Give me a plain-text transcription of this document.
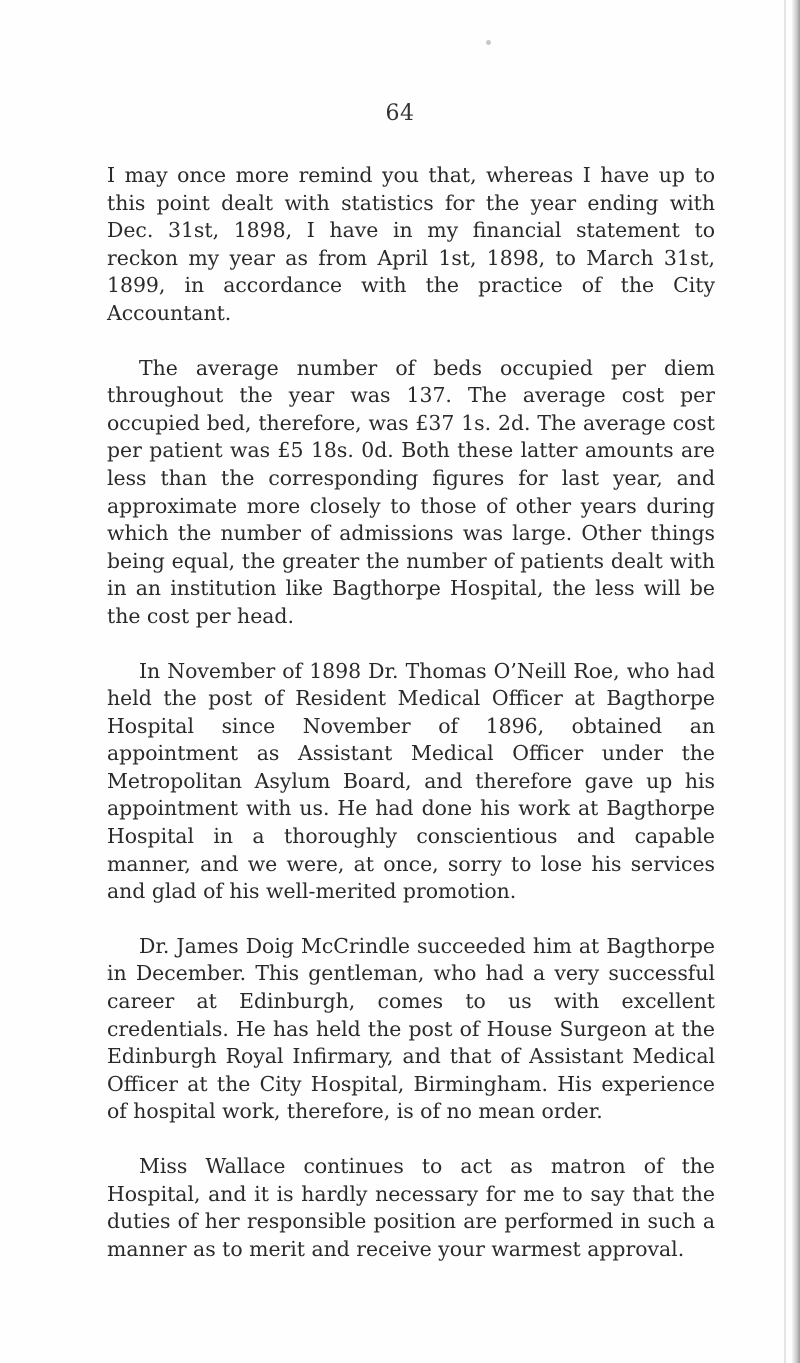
64

I may once more remind you that, whereas I have up to this point dealt with statistics for the year ending with Dec. 31st, 1898, I have in my financial statement to reckon my year as from April 1st, 1898, to March 31st, 1899, in accordance with the practice of the City Accountant.

The average number of beds occupied per diem throughout the year was 137. The average cost per occupied bed, therefore, was £37 1s. 2d. The average cost per patient was £5 18s. 0d. Both these latter amounts are less than the corresponding figures for last year, and approximate more closely to those of other years during which the number of admissions was large. Other things being equal, the greater the number of patients dealt with in an institution like Bagthorpe Hospital, the less will be the cost per head.

In November of 1898 Dr. Thomas O’Neill Roe, who had held the post of Resident Medical Officer at Bagthorpe Hospital since November of 1896, obtained an appointment as Assistant Medical Officer under the Metropolitan Asylum Board, and therefore gave up his appointment with us. He had done his work at Bagthorpe Hospital in a thoroughly conscientious and capable manner, and we were, at once, sorry to lose his services and glad of his well-merited promotion.

Dr. James Doig McCrindle succeeded him at Bagthorpe in December. This gentleman, who had a very successful career at Edinburgh, comes to us with excellent credentials. He has held the post of House Surgeon at the Edinburgh Royal Infirmary, and that of Assistant Medical Officer at the City Hospital, Birmingham. His experience of hospital work, therefore, is of no mean order.

Miss Wallace continues to act as matron of the Hospital, and it is hardly necessary for me to say that the duties of her responsible position are performed in such a manner as to merit and receive your warmest approval.
